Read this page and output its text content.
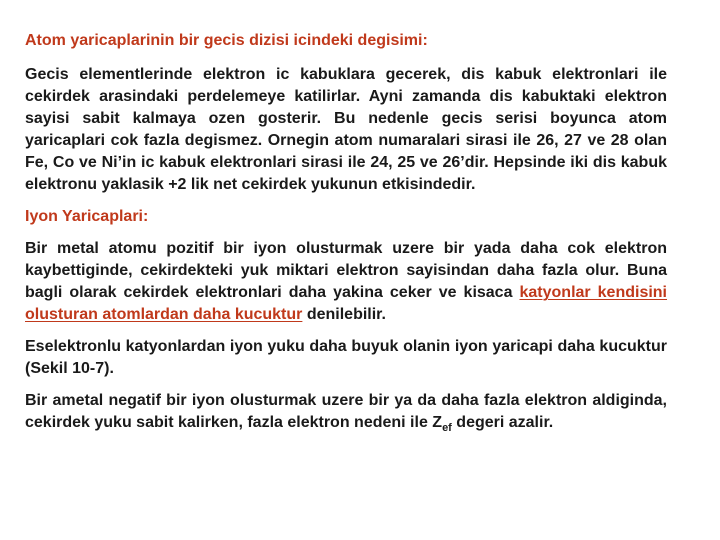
Atom yaricaplarinin bir gecis dizisi icindeki degisimi:

Gecis elementlerinde elektron ic kabuklara gecerek, dis kabuk elektronlari ile cekirdek arasindaki perdelemeye katilirlar. Ayni zamanda dis kabuktaki elektron sayisi sabit kalmaya ozen gosterir. Bu nedenle gecis serisi boyunca atom yaricaplari cok fazla degismez. Ornegin atom numaralari sirasi ile 26, 27 ve 28 olan Fe, Co ve Ni’in ic kabuk elektronlari sirasi ile 24, 25 ve 26’dir. Hepsinde iki dis kabuk elektronu yaklasik +2 lik net cekirdek yukunun etkisindedir.

Iyon Yaricaplari:

Bir metal atomu pozitif bir iyon olusturmak uzere bir yada daha cok elektron kaybettiginde, cekirdekteki yuk miktari elektron sayisindan daha fazla olur. Buna bagli olarak cekirdek elektronlari daha yakina ceker ve kisaca katyonlar kendisini olusturan atomlardan daha kucuktur denilebilir.

Eselektronlu katyonlardan iyon yuku daha buyuk olanin iyon yaricapi daha kucuktur (Sekil 10-7).

Bir ametal negatif bir iyon olusturmak uzere bir ya da daha fazla elektron aldiginda, cekirdek yuku sabit kalirken, fazla elektron nedeni ile $Z_{ef}$ degeri azalir.
